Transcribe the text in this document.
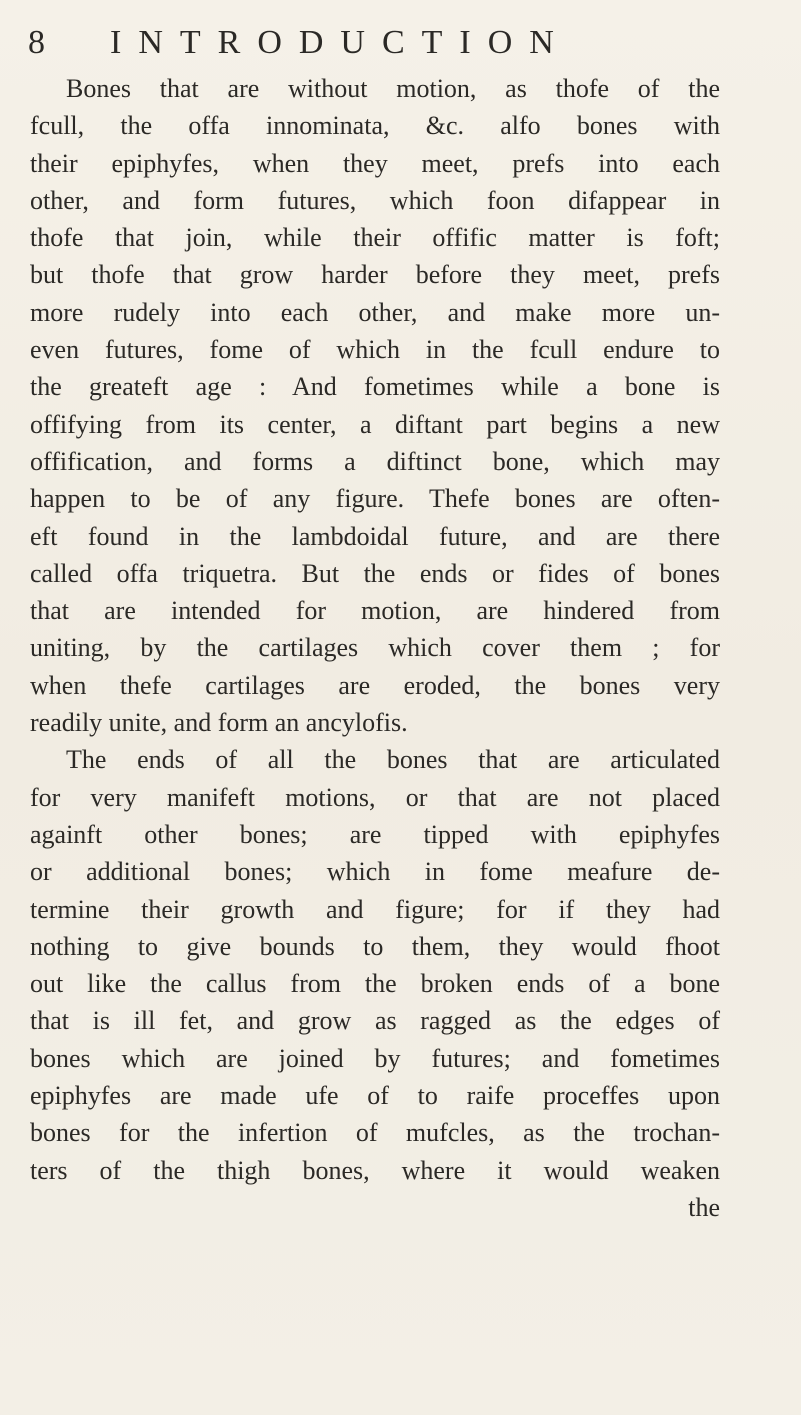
8 INTRODUCTION
Bones that are without motion, as thofe of the
fcull, the offa innominata, &c. alfo bones with
their epiphyfes, when they meet, prefs into each
other, and form futures, which foon difappear in
thofe that join, while their offific matter is foft;
but thofe that grow harder before they meet, prefs
more rudely into each other, and make more un-
even futures, fome of which in the fcull endure to
the greateft age : And fometimes while a bone is
offifying from its center, a diftant part begins a new
offification, and forms a diftinct bone, which may
happen to be of any figure. Thefe bones are often-
eft found in the lambdoidal future, and are there
called offa triquetra. But the ends or fides of bones
that are intended for motion, are hindered from
uniting, by the cartilages which cover them ; for
when thefe cartilages are eroded, the bones very
readily unite, and form an ancylofis.
The ends of all the bones that are articulated
for very manifeft motions, or that are not placed
againft other bones; are tipped with epiphyfes
or additional bones; which in fome meafure de-
termine their growth and figure; for if they had
nothing to give bounds to them, they would fhoot
out like the callus from the broken ends of a bone
that is ill fet, and grow as ragged as the edges of
bones which are joined by futures; and fometimes
epiphyfes are made ufe of to raife proceffes upon
bones for the infertion of mufcles, as the trochan-
ters of the thigh bones, where it would weaken
the
